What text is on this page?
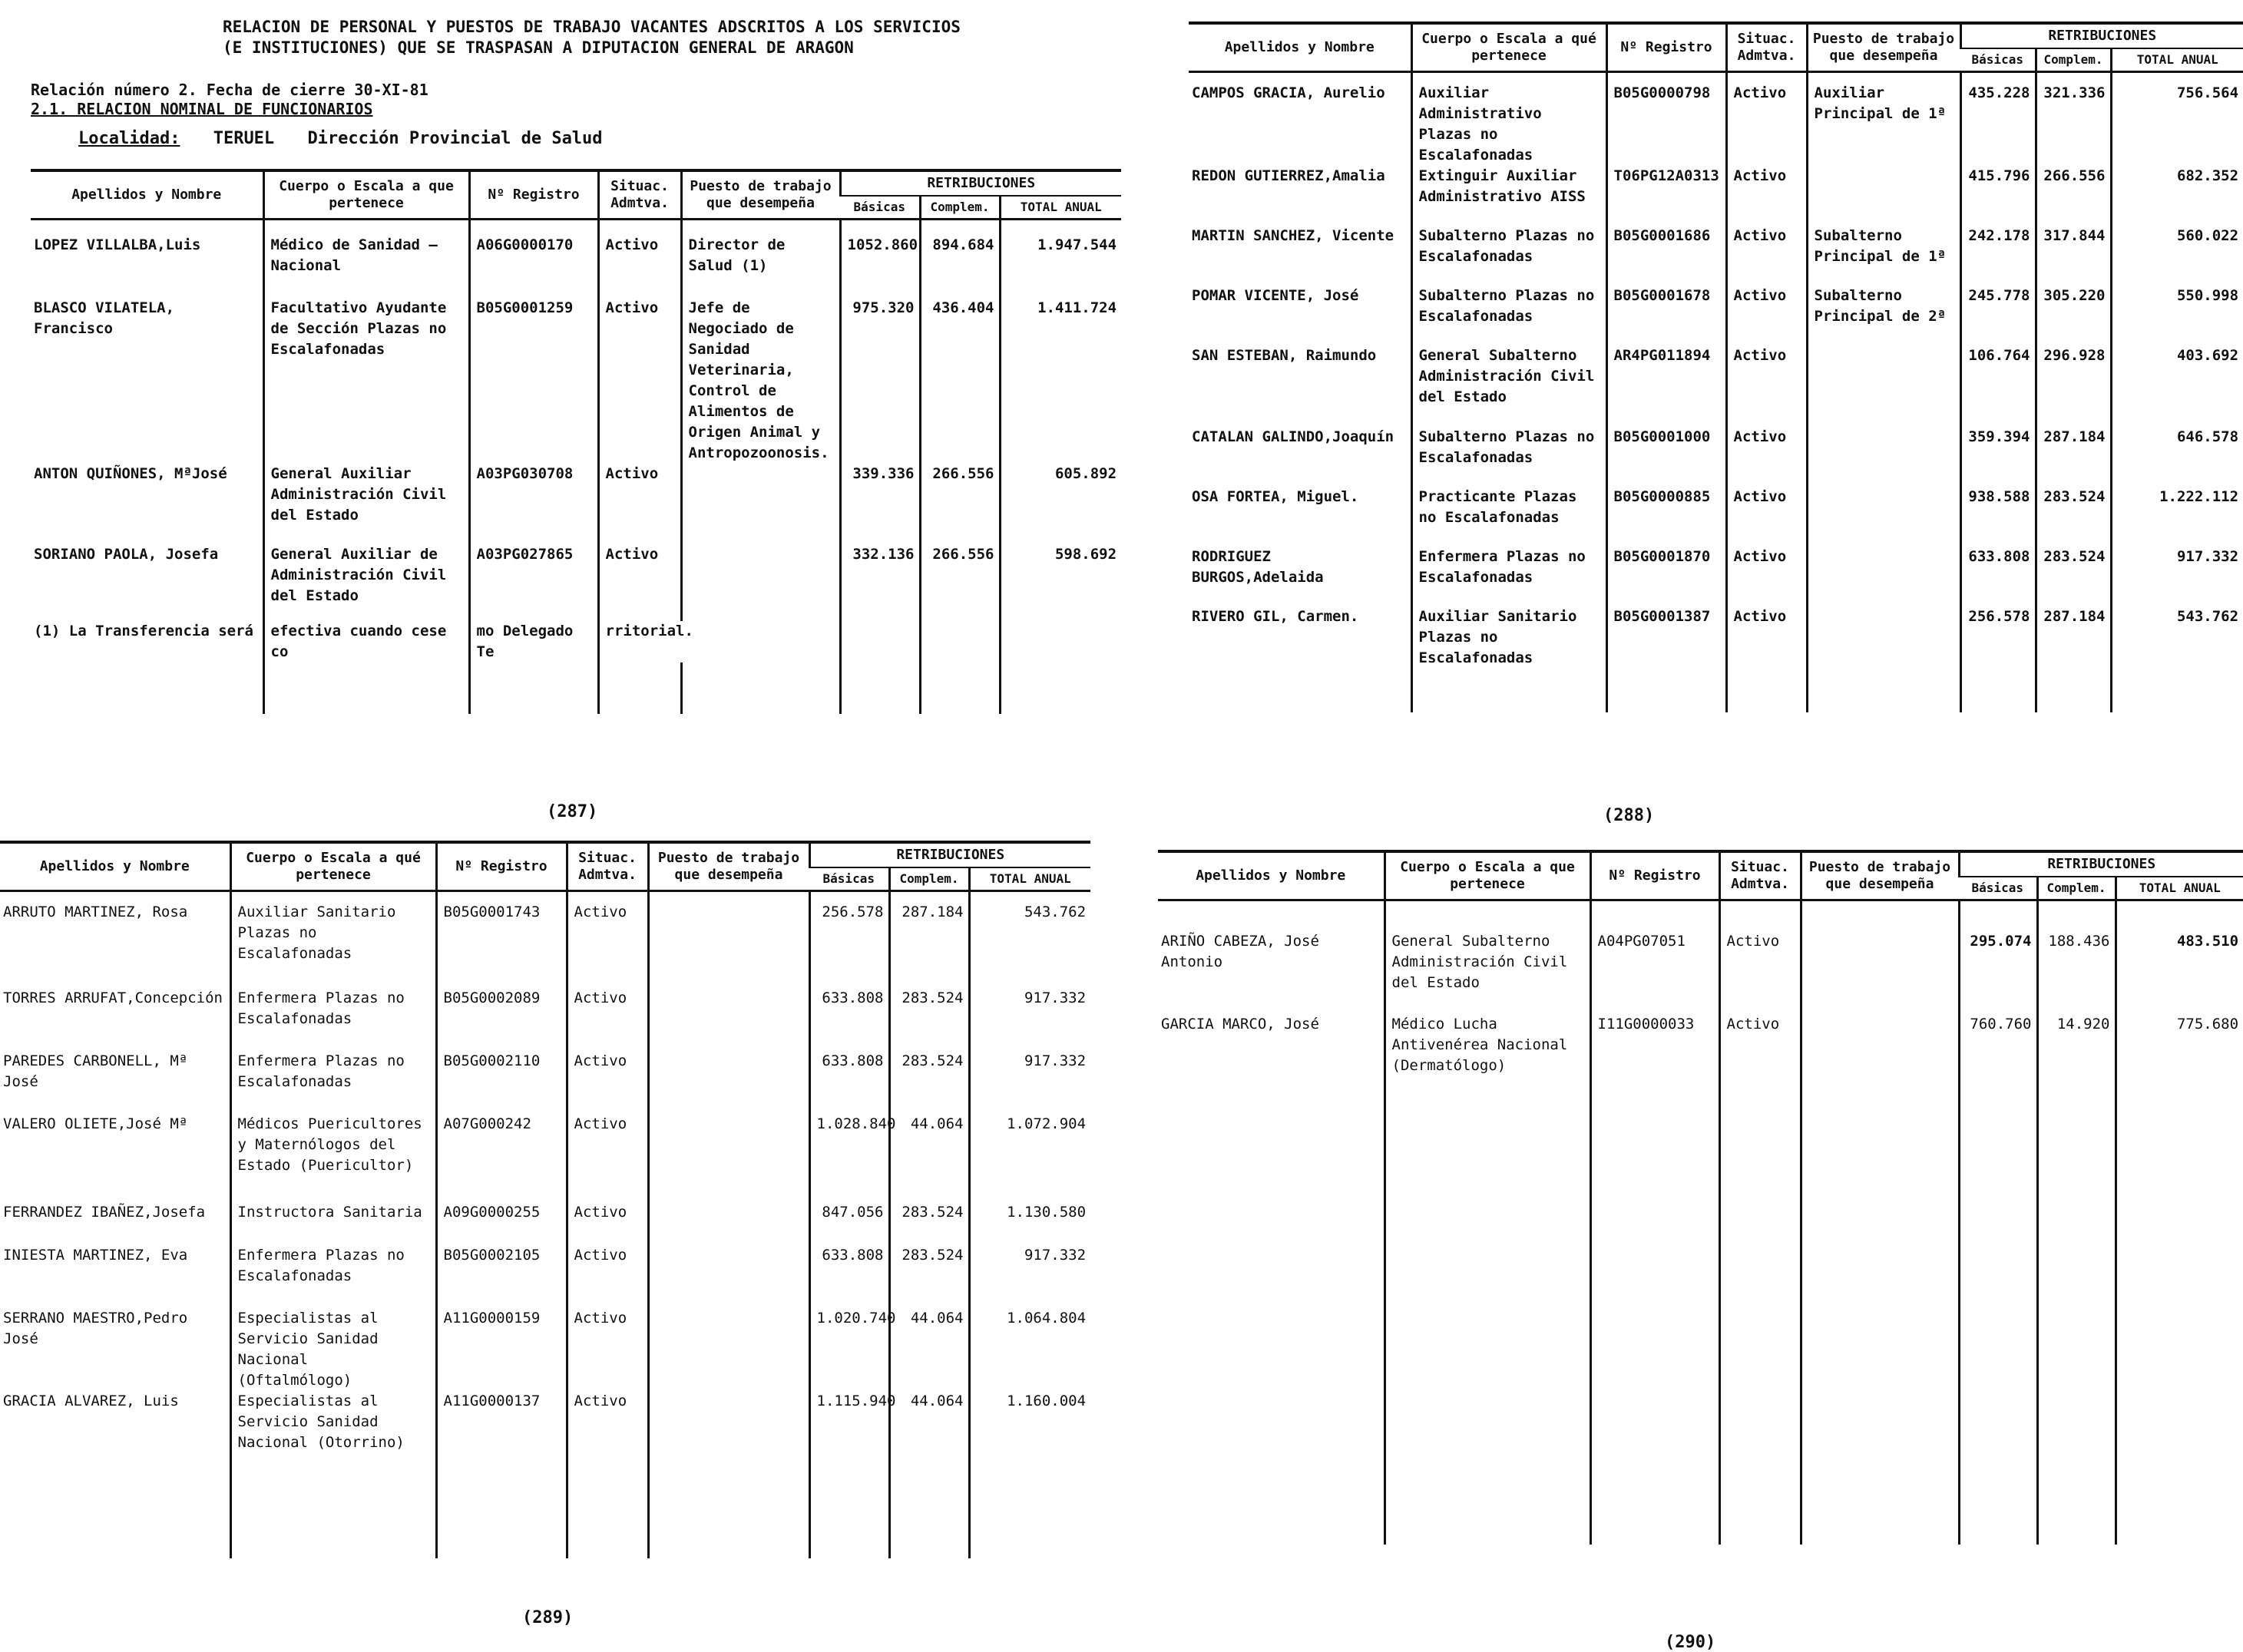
RELACION DE PERSONAL Y PUESTOS DE TRABAJO VACANTES ADSCRITOS A LOS SERVICIOS
(E INSTITUCIONES) QUE SE TRASPASAN A DIPUTACION GENERAL DE ARAGON
Relación número 2. Fecha de cierre 30-XI-81
2.1. RELACION NOMINAL DE FUNCIONARIOS
Localidad: TERUEL Dirección Provincial de Salud
Apellidos y Nombre	Cuerpo o Escala a que pertenece	Nº Registro	Situac. Admtva.	Puesto de trabajo que desempeña	RETRIBUCIONES		
					Básicas	Complem.	TOTAL ANUAL

LOPEZ VILLALBA,Luis	Médico de Sanidad — Nacional	A06G0000170	Activo	Director de Salud (1)	1052.860	894.684	1.947.544
BLASCO VILATELA, Francisco	Facultativo Ayudante de Sección Plazas no Escalafonadas	B05G0001259	Activo	Jefe de Negociado de Sanidad Veterinaria, Control de Alimentos de Origen Animal y Antropozoonosis.	975.320	436.404	1.411.724
ANTON QUIÑONES, MªJosé	General Auxiliar Administración Civil del Estado	A03PG030708	Activo		339.336	266.556	605.892
SORIANO PAOLA, Josefa	General Auxiliar de Administración Civil del Estado	A03PG027865	Activo		332.136	266.556	598.692
(1) La Transferencia será	efectiva cuando cese co	mo Delegado Te	rritorial.				

(287)
Apellidos y Nombre	Cuerpo o Escala a qué pertenece	Nº Registro	Situac. Admtva.	Puesto de trabajo que desempeña	RETRIBUCIONES		
					Básicas	Complem.	TOTAL ANUAL

CAMPOS GRACIA, Aurelio	Auxiliar Administrativo Plazas no Escalafonadas	B05G0000798	Activo	Auxiliar Principal de 1ª	435.228	321.336	756.564
REDON GUTIERREZ,Amalia	Extinguir Auxiliar Administrativo AISS	T06PG12A0313	Activo		415.796	266.556	682.352
MARTIN SANCHEZ, Vicente	Subalterno Plazas no Escalafonadas	B05G0001686	Activo	Subalterno Principal de 1ª	242.178	317.844	560.022
POMAR VICENTE, José	Subalterno Plazas no Escalafonadas	B05G0001678	Activo	Subalterno Principal de 2ª	245.778	305.220	550.998
SAN ESTEBAN, Raimundo	General Subalterno Administración Civil del Estado	AR4PG011894	Activo		106.764	296.928	403.692
CATALAN GALINDO,Joaquín	Subalterno Plazas no Escalafonadas	B05G0001000	Activo		359.394	287.184	646.578
OSA FORTEA, Miguel.	Practicante Plazas no Escalafonadas	B05G0000885	Activo		938.588	283.524	1.222.112
RODRIGUEZ BURGOS,Adelaida	Enfermera Plazas no Escalafonadas	B05G0001870	Activo		633.808	283.524	917.332
RIVERO GIL, Carmen.	Auxiliar Sanitario Plazas no Escalafonadas	B05G0001387	Activo		256.578	287.184	543.762

(288)
Apellidos y Nombre	Cuerpo o Escala a qué pertenece	Nº Registro	Situac. Admtva.	Puesto de trabajo que desempeña	RETRIBUCIONES		
					Básicas	Complem.	TOTAL ANUAL

ARRUTO MARTINEZ, Rosa	Auxiliar Sanitario Plazas no Escalafonadas	B05G0001743	Activo		256.578	287.184	543.762
TORRES ARRUFAT,Concepción	Enfermera Plazas no Escalafonadas	B05G0002089	Activo		633.808	283.524	917.332
PAREDES CARBONELL, Mª José	Enfermera Plazas no Escalafonadas	B05G0002110	Activo		633.808	283.524	917.332
VALERO OLIETE,José Mª	Médicos Puericultores y Maternólogos del Estado (Puericultor)	A07G000242	Activo		1.028.840	44.064	1.072.904
FERRANDEZ IBAÑEZ,Josefa	Instructora Sanitaria	A09G0000255	Activo		847.056	283.524	1.130.580
INIESTA MARTINEZ, Eva	Enfermera Plazas no Escalafonadas	B05G0002105	Activo		633.808	283.524	917.332
SERRANO MAESTRO,Pedro José	Especialistas al Servicio Sanidad Nacional (Oftalmólogo)	A11G0000159	Activo		1.020.740	44.064	1.064.804
GRACIA ALVAREZ, Luis	Especialistas al Servicio Sanidad Nacional (Otorrino)	A11G0000137	Activo		1.115.940	44.064	1.160.004

(289)
Apellidos y Nombre	Cuerpo o Escala a que pertenece	Nº Registro	Situac. Admtva.	Puesto de trabajo que desempeña	RETRIBUCIONES		
					Básicas	Complem.	TOTAL ANUAL

ARIÑO CABEZA, José Antonio	General Subalterno Administración Civil del Estado	A04PG07051	Activo		295.074	188.436	483.510
GARCIA MARCO, José	Médico Lucha Antivenérea Nacional (Dermatólogo)	I11G0000033	Activo		760.760	14.920	775.680

(290)
